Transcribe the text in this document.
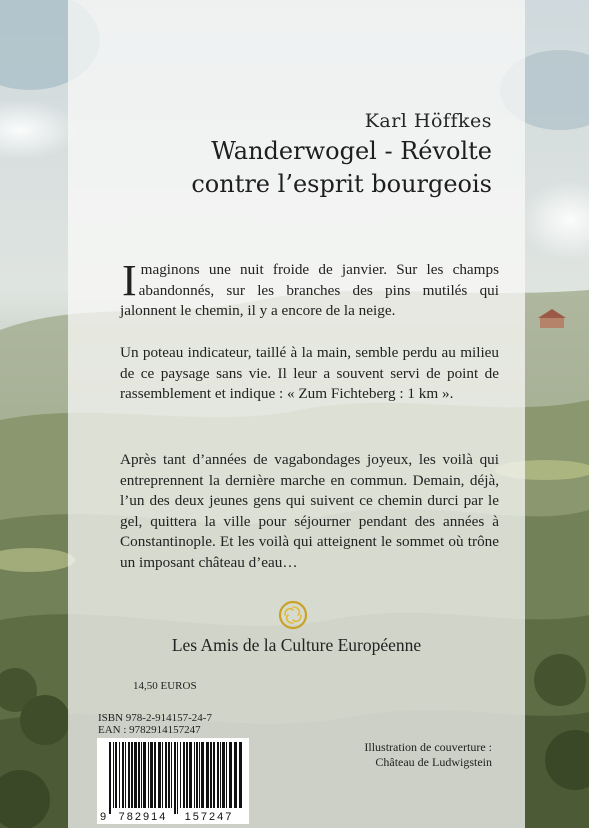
Karl Höffkes
Wanderwogel - Révolte
contre l’esprit bourgeois
Imaginons une nuit froide de janvier. Sur les champs abandonnés, sur les branches des pins mutilés qui jalonnent le chemin, il y a encore de la neige.
Un poteau indicateur, taillé à la main, semble perdu au milieu de ce paysage sans vie. Il leur a souvent servi de point de rassemblement et indique : « Zum Fichteberg : 1 km ».
Après tant d’années de vagabondages joyeux, les voilà qui entreprennent la dernière marche en commun. Demain, déjà, l’un des deux jeunes gens qui suivent ce chemin durci par le gel, quittera la ville pour séjourner pendant des années à Constantinople. Et les voilà qui atteignent le sommet où trône un imposant château d’eau…
Les Amis de la Culture Européenne
14,50 EUROS
ISBN 978-2-914157-24-7
EAN : 9782914157247
9 782914 157247
Illustration de couverture :
Château de Ludwigstein
